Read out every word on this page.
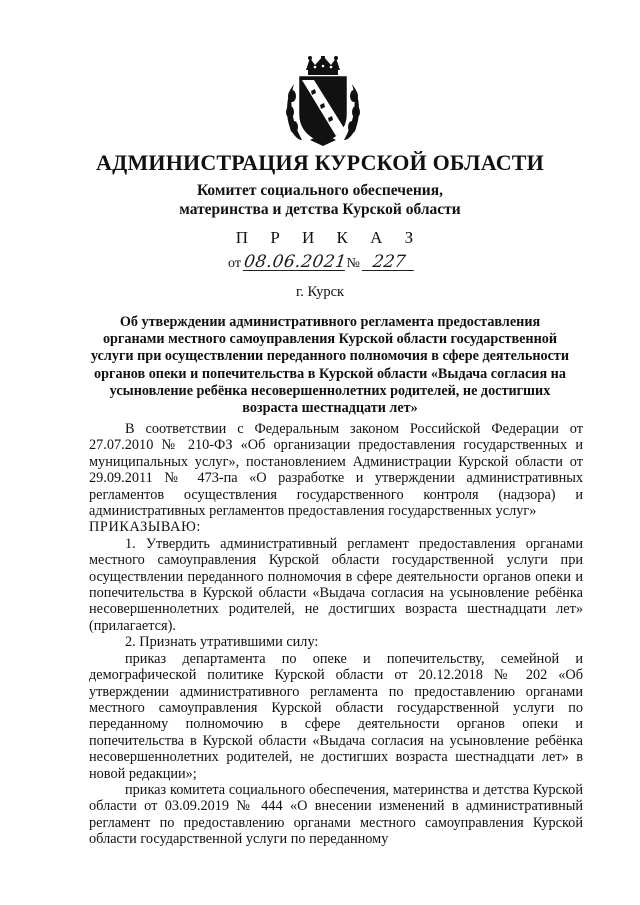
АДМИНИСТРАЦИЯ КУРСКОЙ ОБЛАСТИ
Комитет социального обеспечения,
материнства и детства Курской области
П Р И К А З
от 08.06.2021№ 227
г. Курск
Об утверждении административного регламента предоставления органами местного самоуправления Курской области государственной услуги при осуществлении переданного полномочия в сфере деятельности органов опеки и попечительства в Курской области «Выдача согласия на усыновление ребёнка несовершеннолетних родителей, не достигших возраста шестнадцати лет»

В соответствии с Федеральным законом Российской Федерации от 27.07.2010 № 210-ФЗ «Об организации предоставления государственных и муниципальных услуг», постановлением Администрации Курской области от 29.09.2011 № 473-па «О разработке и утверждении административных регламентов осуществления государственного контроля (надзора) и административных регламентов предоставления государственных услуг»

ПРИКАЗЫВАЮ:

1. Утвердить административный регламент предоставления органами местного самоуправления Курской области государственной услуги при осуществлении переданного полномочия в сфере деятельности органов опеки и попечительства в Курской области «Выдача согласия на усыновление ребёнка несовершеннолетних родителей, не достигших возраста шестнадцати лет» (прилагается).

2. Признать утратившими силу:

приказ департамента по опеке и попечительству, семейной и демографической политике Курской области от 20.12.2018 № 202 «Об утверждении административного регламента по предоставлению органами местного самоуправления Курской области государственной услуги по переданному полномочию в сфере деятельности органов опеки и попечительства в Курской области «Выдача согласия на усыновление ребёнка несовершеннолетних родителей, не достигших возраста шестнадцати лет» в новой редакции»;

приказ комитета социального обеспечения, материнства и детства Курской области от 03.09.2019 № 444 «О внесении изменений в административный регламент по предоставлению органами местного самоуправления Курской области государственной услуги по переданному
